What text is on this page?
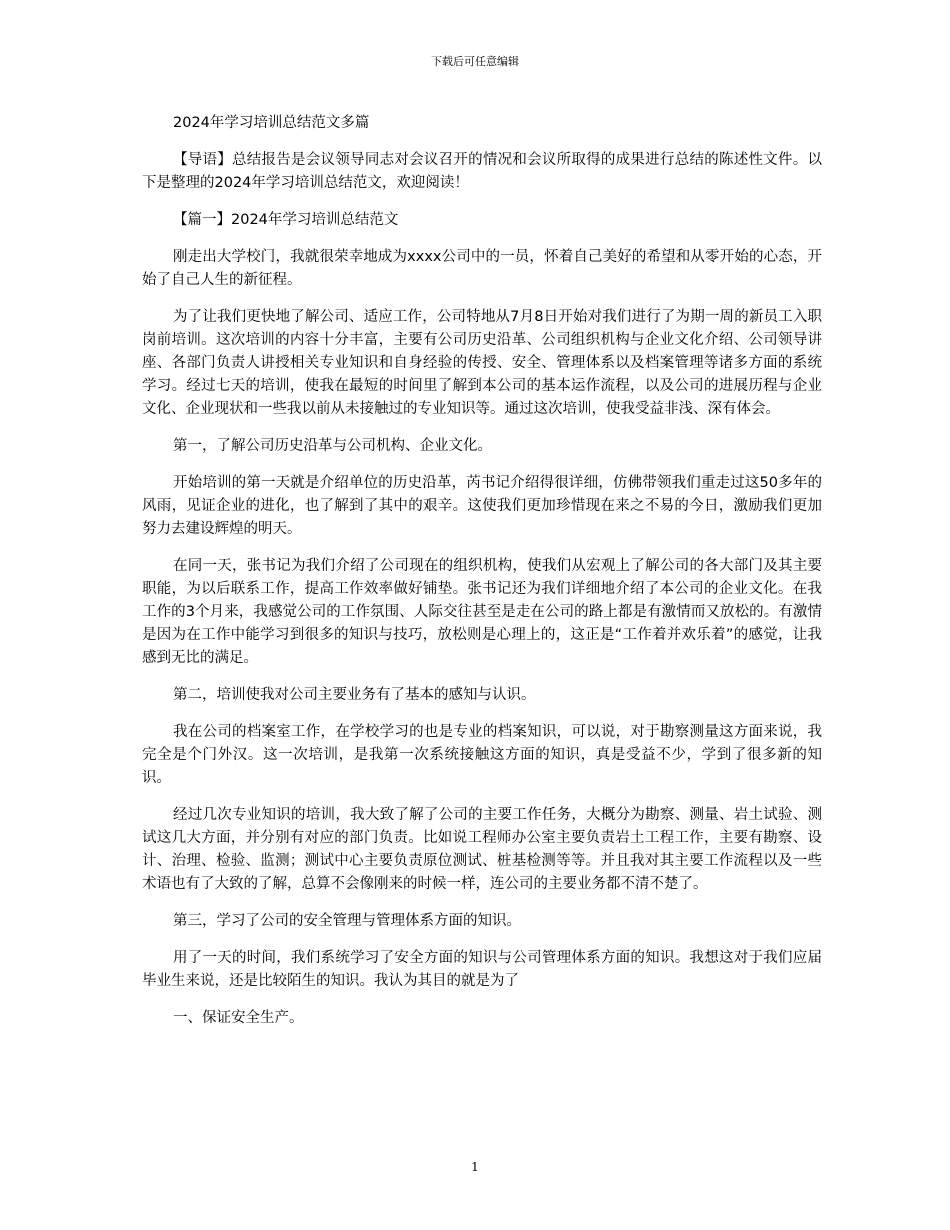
下载后可任意编辑

2024年学习培训总结范文多篇

【导语】总结报告是会议领导同志对会议召开的情况和会议所取得的成果进行总结的陈述性文件。以下是整理的2024年学习培训总结范文，欢迎阅读！

【篇一】2024年学习培训总结范文

刚走出大学校门，我就很荣幸地成为xxxx公司中的一员，怀着自己美好的希望和从零开始的心态，开始了自己人生的新征程。

为了让我们更快地了解公司、适应工作，公司特地从7月8日开始对我们进行了为期一周的新员工入职岗前培训。这次培训的内容十分丰富，主要有公司历史沿革、公司组织机构与企业文化介绍、公司领导讲座、各部门负责人讲授相关专业知识和自身经验的传授、安全、管理体系以及档案管理等诸多方面的系统学习。经过七天的培训，使我在最短的时间里了解到本公司的基本运作流程，以及公司的进展历程与企业文化、企业现状和一些我以前从未接触过的专业知识等。通过这次培训，使我受益非浅、深有体会。

第一，了解公司历史沿革与公司机构、企业文化。

开始培训的第一天就是介绍单位的历史沿革，芮书记介绍得很详细，仿佛带领我们重走过这50多年的风雨，见证企业的进化，也了解到了其中的艰辛。这使我们更加珍惜现在来之不易的今日，激励我们更加努力去建设辉煌的明天。

在同一天，张书记为我们介绍了公司现在的组织机构，使我们从宏观上了解公司的各大部门及其主要职能，为以后联系工作，提高工作效率做好铺垫。张书记还为我们详细地介绍了本公司的企业文化。在我工作的3个月来，我感觉公司的工作氛围、人际交往甚至是走在公司的路上都是有激情而又放松的。有激情是因为在工作中能学习到很多的知识与技巧，放松则是心理上的，这正是“工作着并欢乐着”的感觉，让我感到无比的满足。

第二，培训使我对公司主要业务有了基本的感知与认识。

我在公司的档案室工作，在学校学习的也是专业的档案知识，可以说，对于勘察测量这方面来说，我完全是个门外汉。这一次培训，是我第一次系统接触这方面的知识，真是受益不少，学到了很多新的知识。

经过几次专业知识的培训，我大致了解了公司的主要工作任务，大概分为勘察、测量、岩土试验、测试这几大方面，并分别有对应的部门负责。比如说工程师办公室主要负责岩土工程工作，主要有勘察、设计、治理、检验、监测；测试中心主要负责原位测试、桩基检测等等。并且我对其主要工作流程以及一些术语也有了大致的了解，总算不会像刚来的时候一样，连公司的主要业务都不清不楚了。

第三，学习了公司的安全管理与管理体系方面的知识。

用了一天的时间，我们系统学习了安全方面的知识与公司管理体系方面的知识。我想这对于我们应届毕业生来说，还是比较陌生的知识。我认为其目的就是为了

一、保证安全生产。

1
